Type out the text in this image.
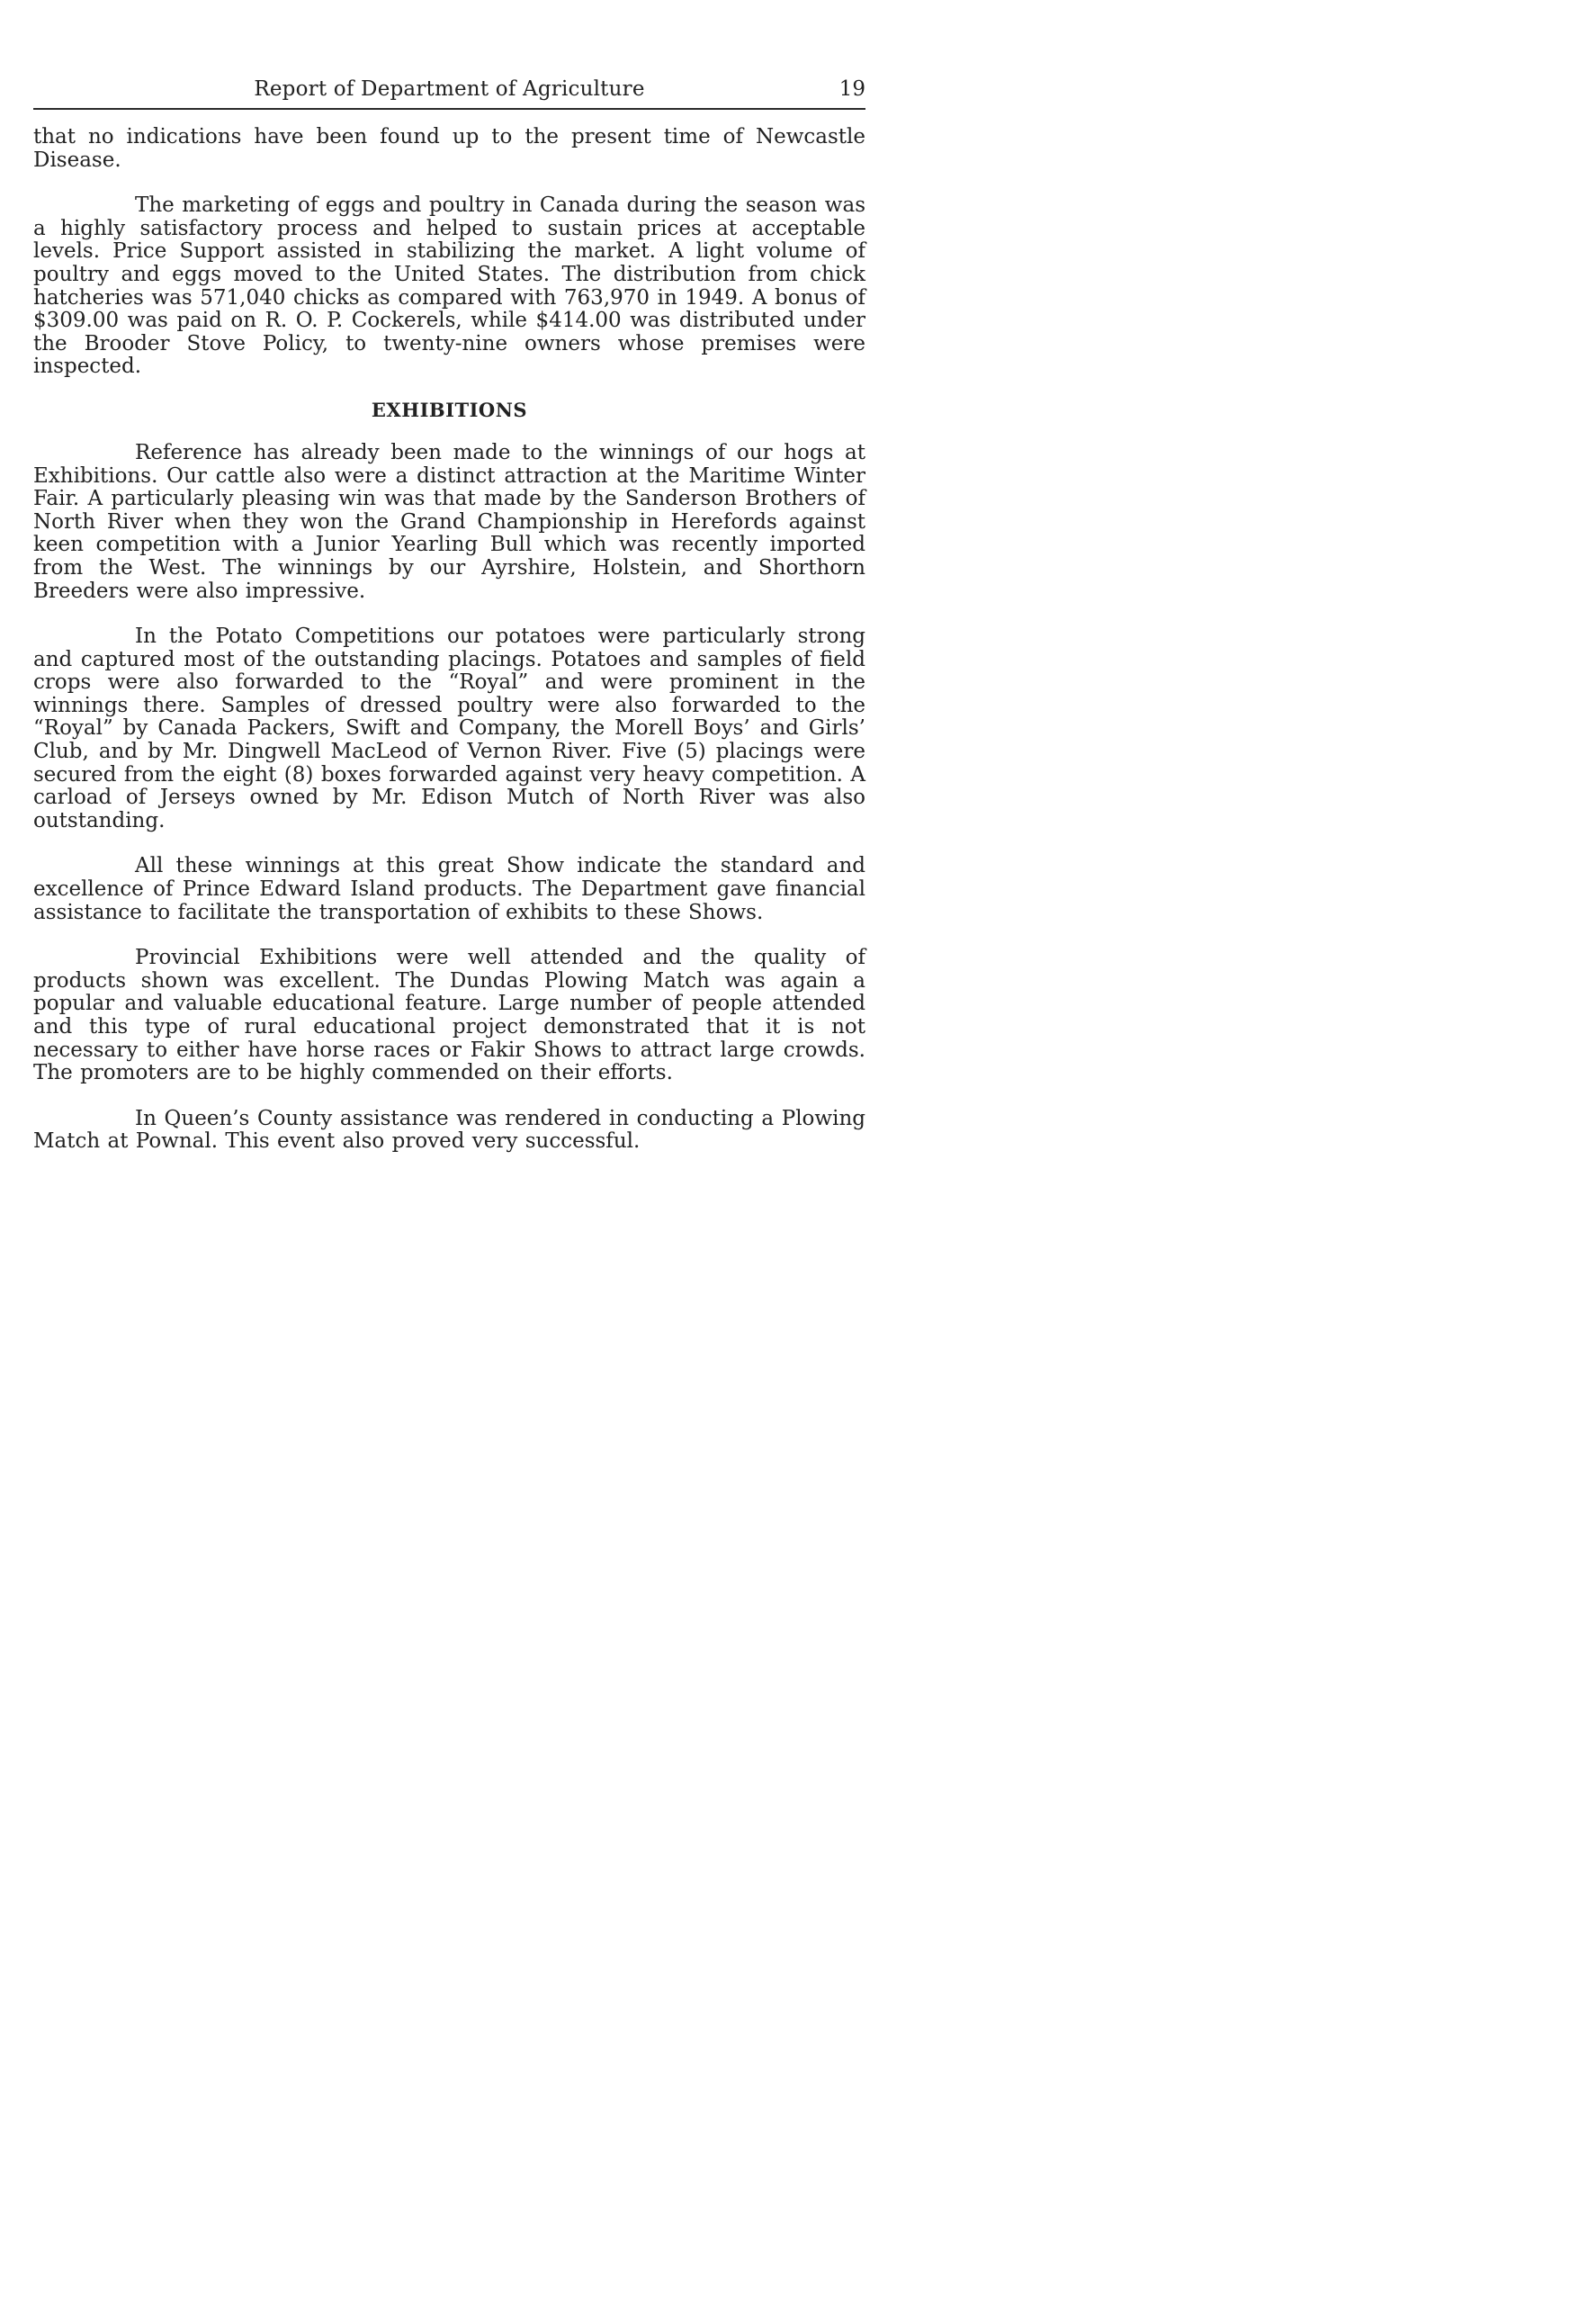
Report of Department of Agriculture	19

that no indications have been found up to the present time of Newcastle Disease.

The marketing of eggs and poultry in Canada during the season was a highly satisfactory process and helped to sustain prices at acceptable levels. Price Support assisted in stabilizing the market. A light volume of poultry and eggs moved to the United States. The distribution from chick hatcheries was 571,040 chicks as compared with 763,970 in 1949. A bonus of $309.00 was paid on R. O. P. Cockerels, while $414.00 was distributed under the Brooder Stove Policy, to twenty-nine owners whose premises were inspected.

EXHIBITIONS

Reference has already been made to the winnings of our hogs at Exhibitions. Our cattle also were a distinct attraction at the Maritime Winter Fair. A particularly pleasing win was that made by the Sanderson Brothers of North River when they won the Grand Championship in Herefords against keen competition with a Junior Yearling Bull which was recently imported from the West. The winnings by our Ayrshire, Holstein, and Shorthorn Breeders were also impressive.

In the Potato Competitions our potatoes were particularly strong and captured most of the outstanding placings. Potatoes and samples of field crops were also forwarded to the “Royal” and were prominent in the winnings there. Samples of dressed poultry were also forwarded to the “Royal” by Canada Packers, Swift and Company, the Morell Boys’ and Girls’ Club, and by Mr. Dingwell MacLeod of Vernon River. Five (5) placings were secured from the eight (8) boxes forwarded against very heavy competition. A carload of Jerseys owned by Mr. Edison Mutch of North River was also outstanding.

All these winnings at this great Show indicate the standard and excellence of Prince Edward Island products. The Department gave financial assistance to facilitate the transportation of exhibits to these Shows.

Provincial Exhibitions were well attended and the quality of products shown was excellent. The Dundas Plowing Match was again a popular and valuable educational feature. Large number of people attended and this type of rural educational project demonstrated that it is not necessary to either have horse races or Fakir Shows to attract large crowds. The promoters are to be highly commended on their efforts.

In Queen’s County assistance was rendered in conducting a Plowing Match at Pownal. This event also proved very successful.
